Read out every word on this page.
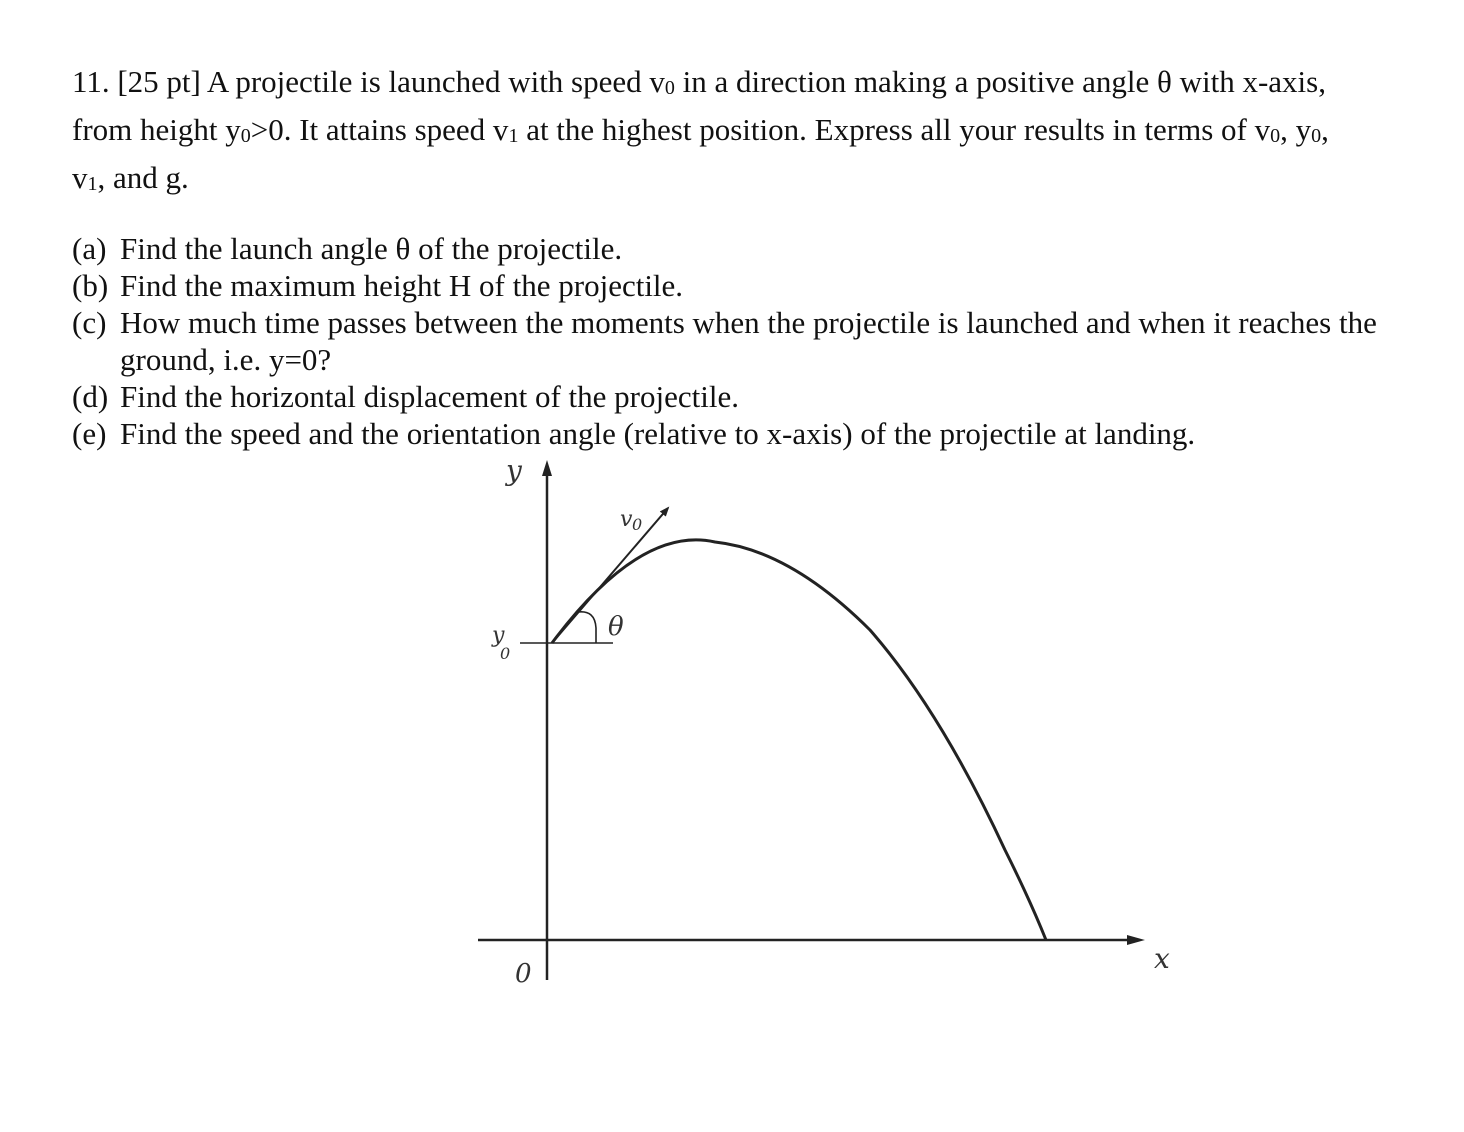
11. [25 pt] A projectile is launched with speed $v_0$ in a direction making a positive angle θ with x-axis,
from height $y_0>0$. It attains speed $v_1$ at the highest position. Express all your results in terms of $v_0$, $y_0$,
$v_1$, and g.

(a) Find the launch angle θ of the projectile.
(b) Find the maximum height H of the projectile.
(c) How much time passes between the moments when the projectile is launched and when it reaches the ground, i.e. y=0?
(d) Find the horizontal displacement of the projectile.
(e) Find the speed and the orientation angle (relative to x-axis) of the projectile at landing.
y
x
0
y
0
v 0
θ
